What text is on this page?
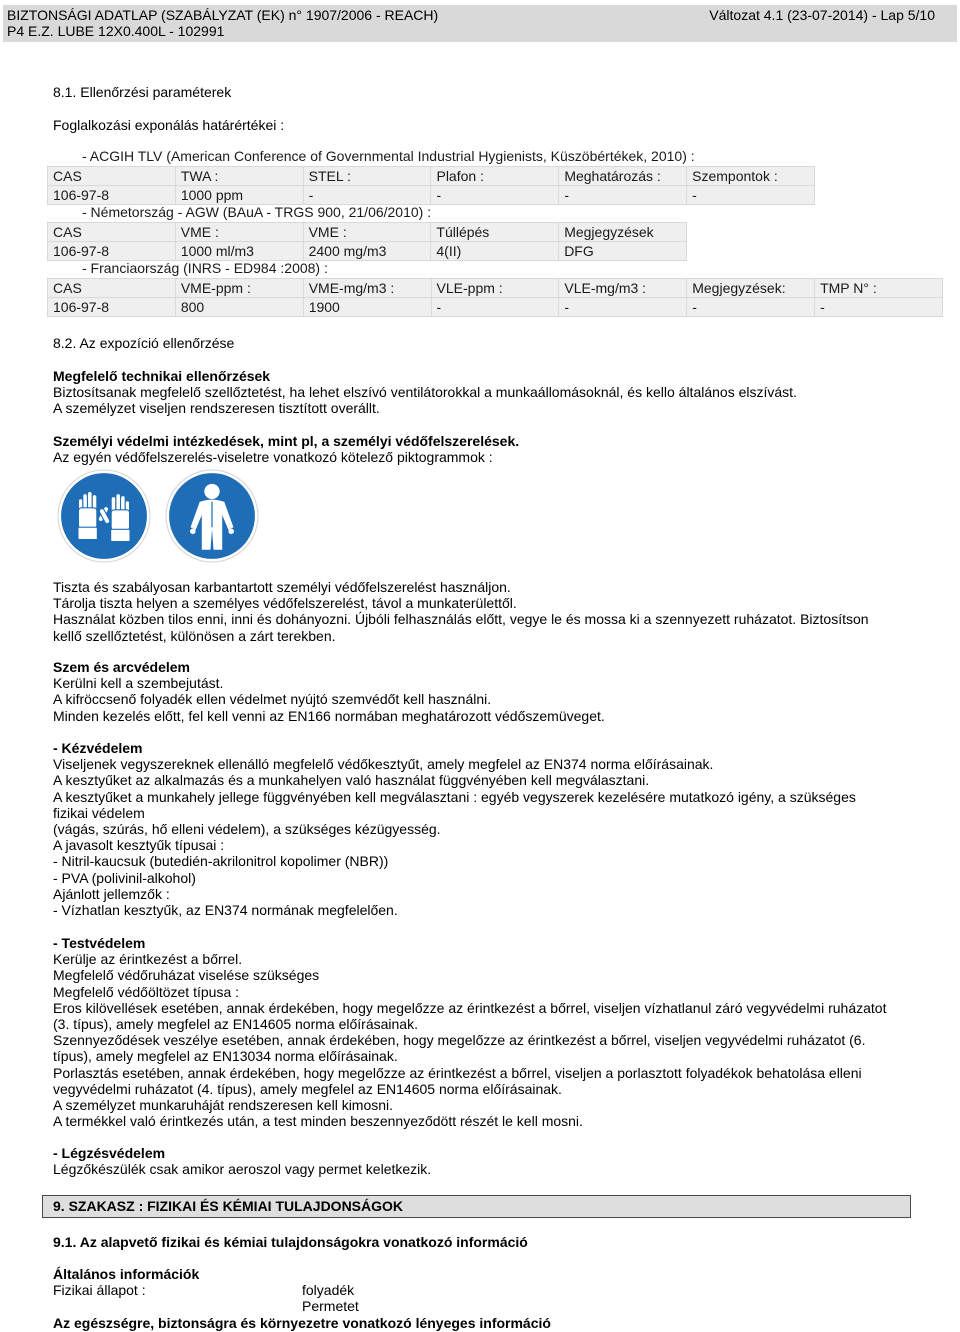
BIZTONSÁGI ADATLAP (SZABÁLYZAT (EK) n° 1907/2006 - REACH)	Változat 4.1 (23-07-2014) - Lap 5/10
P4 E.Z. LUBE 12X0.400L - 102991
8.1. Ellenőrzési paraméterek
Foglalkozási exponálás határértékei :
- ACGIH TLV (American Conference of Governmental Industrial Hygienists, Küszöbértékek, 2010) :
CAS	TWA :	STEL :	Plafon :	Meghatározás :	Szempontok :
106-97-8	1000 ppm	-	-	-	-
- Németország - AGW (BAuA - TRGS 900, 21/06/2010) :
CAS	VME :	VME :	Túllépés	Megjegyzések
106-97-8	1000 ml/m3	2400 mg/m3	4(II)	DFG
- Franciaország (INRS - ED984 :2008) :
CAS	VME-ppm :	VME-mg/m3 :	VLE-ppm :	VLE-mg/m3 :	Megjegyzések:	TMP N° :
106-97-8	800	1900	-	-	-	-
8.2. Az expozíció ellenőrzése
Megfelelő technikai ellenőrzések
Biztosítsanak megfelelő szellőztetést, ha lehet elszívó ventilátorokkal a munkaállomásoknál, és kello általános elszívást.
A személyzet viseljen rendszeresen tisztított overállt.
Személyi védelmi intézkedések, mint pl, a személyi védőfelszerelések.
Az egyén védőfelszerelés-viseletre vonatkozó kötelező piktogrammok :
Tiszta és szabályosan karbantartott személyi védőfelszerelést használjon.
Tárolja tiszta helyen a személyes védőfelszerelést, távol a munkaterülettől.
Használat közben tilos enni, inni és dohányozni. Újbóli felhasználás előtt, vegye le és mossa ki a szennyezett ruházatot. Biztosítson
kellő szellőztetést, különösen a zárt terekben.
Szem és arcvédelem
Kerülni kell a szembejutást.
A kifröccsenő folyadék ellen védelmet nyújtó szemvédőt kell használni.
Minden kezelés előtt, fel kell venni az EN166 normában meghatározott védőszemüveget.
- Kézvédelem
Viseljenek vegyszereknek ellenálló megfelelő védőkesztyűt, amely megfelel az EN374 norma előírásainak.
A kesztyűket az alkalmazás és a munkahelyen való használat függvényében kell megválasztani.
A kesztyűket a munkahely jellege függvényében kell megválasztani : egyéb vegyszerek kezelésére mutatkozó igény, a szükséges
fizikai védelem
(vágás, szúrás, hő elleni védelem), a szükséges kézügyesség.
A javasolt kesztyűk típusai :
- Nitril-kaucsuk (butedién-akrilonitrol kopolimer (NBR))
- PVA (polivinil-alkohol)
Ajánlott jellemzők :
- Vízhatlan kesztyűk, az EN374 normának megfelelően.
- Testvédelem
Kerülje az érintkezést a bőrrel.
Megfelelő védőruházat viselése szükséges
Megfelelő védőöltözet típusa :
Eros kilövellések esetében, annak érdekében, hogy megelőzze az érintkezést a bőrrel, viseljen vízhatlanul záró vegyvédelmi ruházatot
(3. típus), amely megfelel az EN14605 norma előírásainak.
Szennyeződések veszélye esetében, annak érdekében, hogy megelőzze az érintkezést a bőrrel, viseljen vegyvédelmi ruházatot (6.
típus), amely megfelel az EN13034 norma előírásainak.
Porlasztás esetében, annak érdekében, hogy megelőzze az érintkezést a bőrrel, viseljen a porlasztott folyadékok behatolása elleni
vegyvédelmi ruházatot (4. típus), amely megfelel az EN14605 norma előírásainak.
A személyzet munkaruháját rendszeresen kell kimosni.
A termékkel való érintkezés után, a test minden beszennyeződött részét le kell mosni.
- Légzésvédelem
Légzőkészülék csak amikor aeroszol vagy permet keletkezik.
9. SZAKASZ : FIZIKAI ÉS KÉMIAI TULAJDONSÁGOK
9.1. Az alapvető fizikai és kémiai tulajdonságokra vonatkozó információ
Általános információk
Fizikai állapot :	folyadék
Permetet
Az egészségre, biztonságra és környezetre vonatkozó lényeges információ
